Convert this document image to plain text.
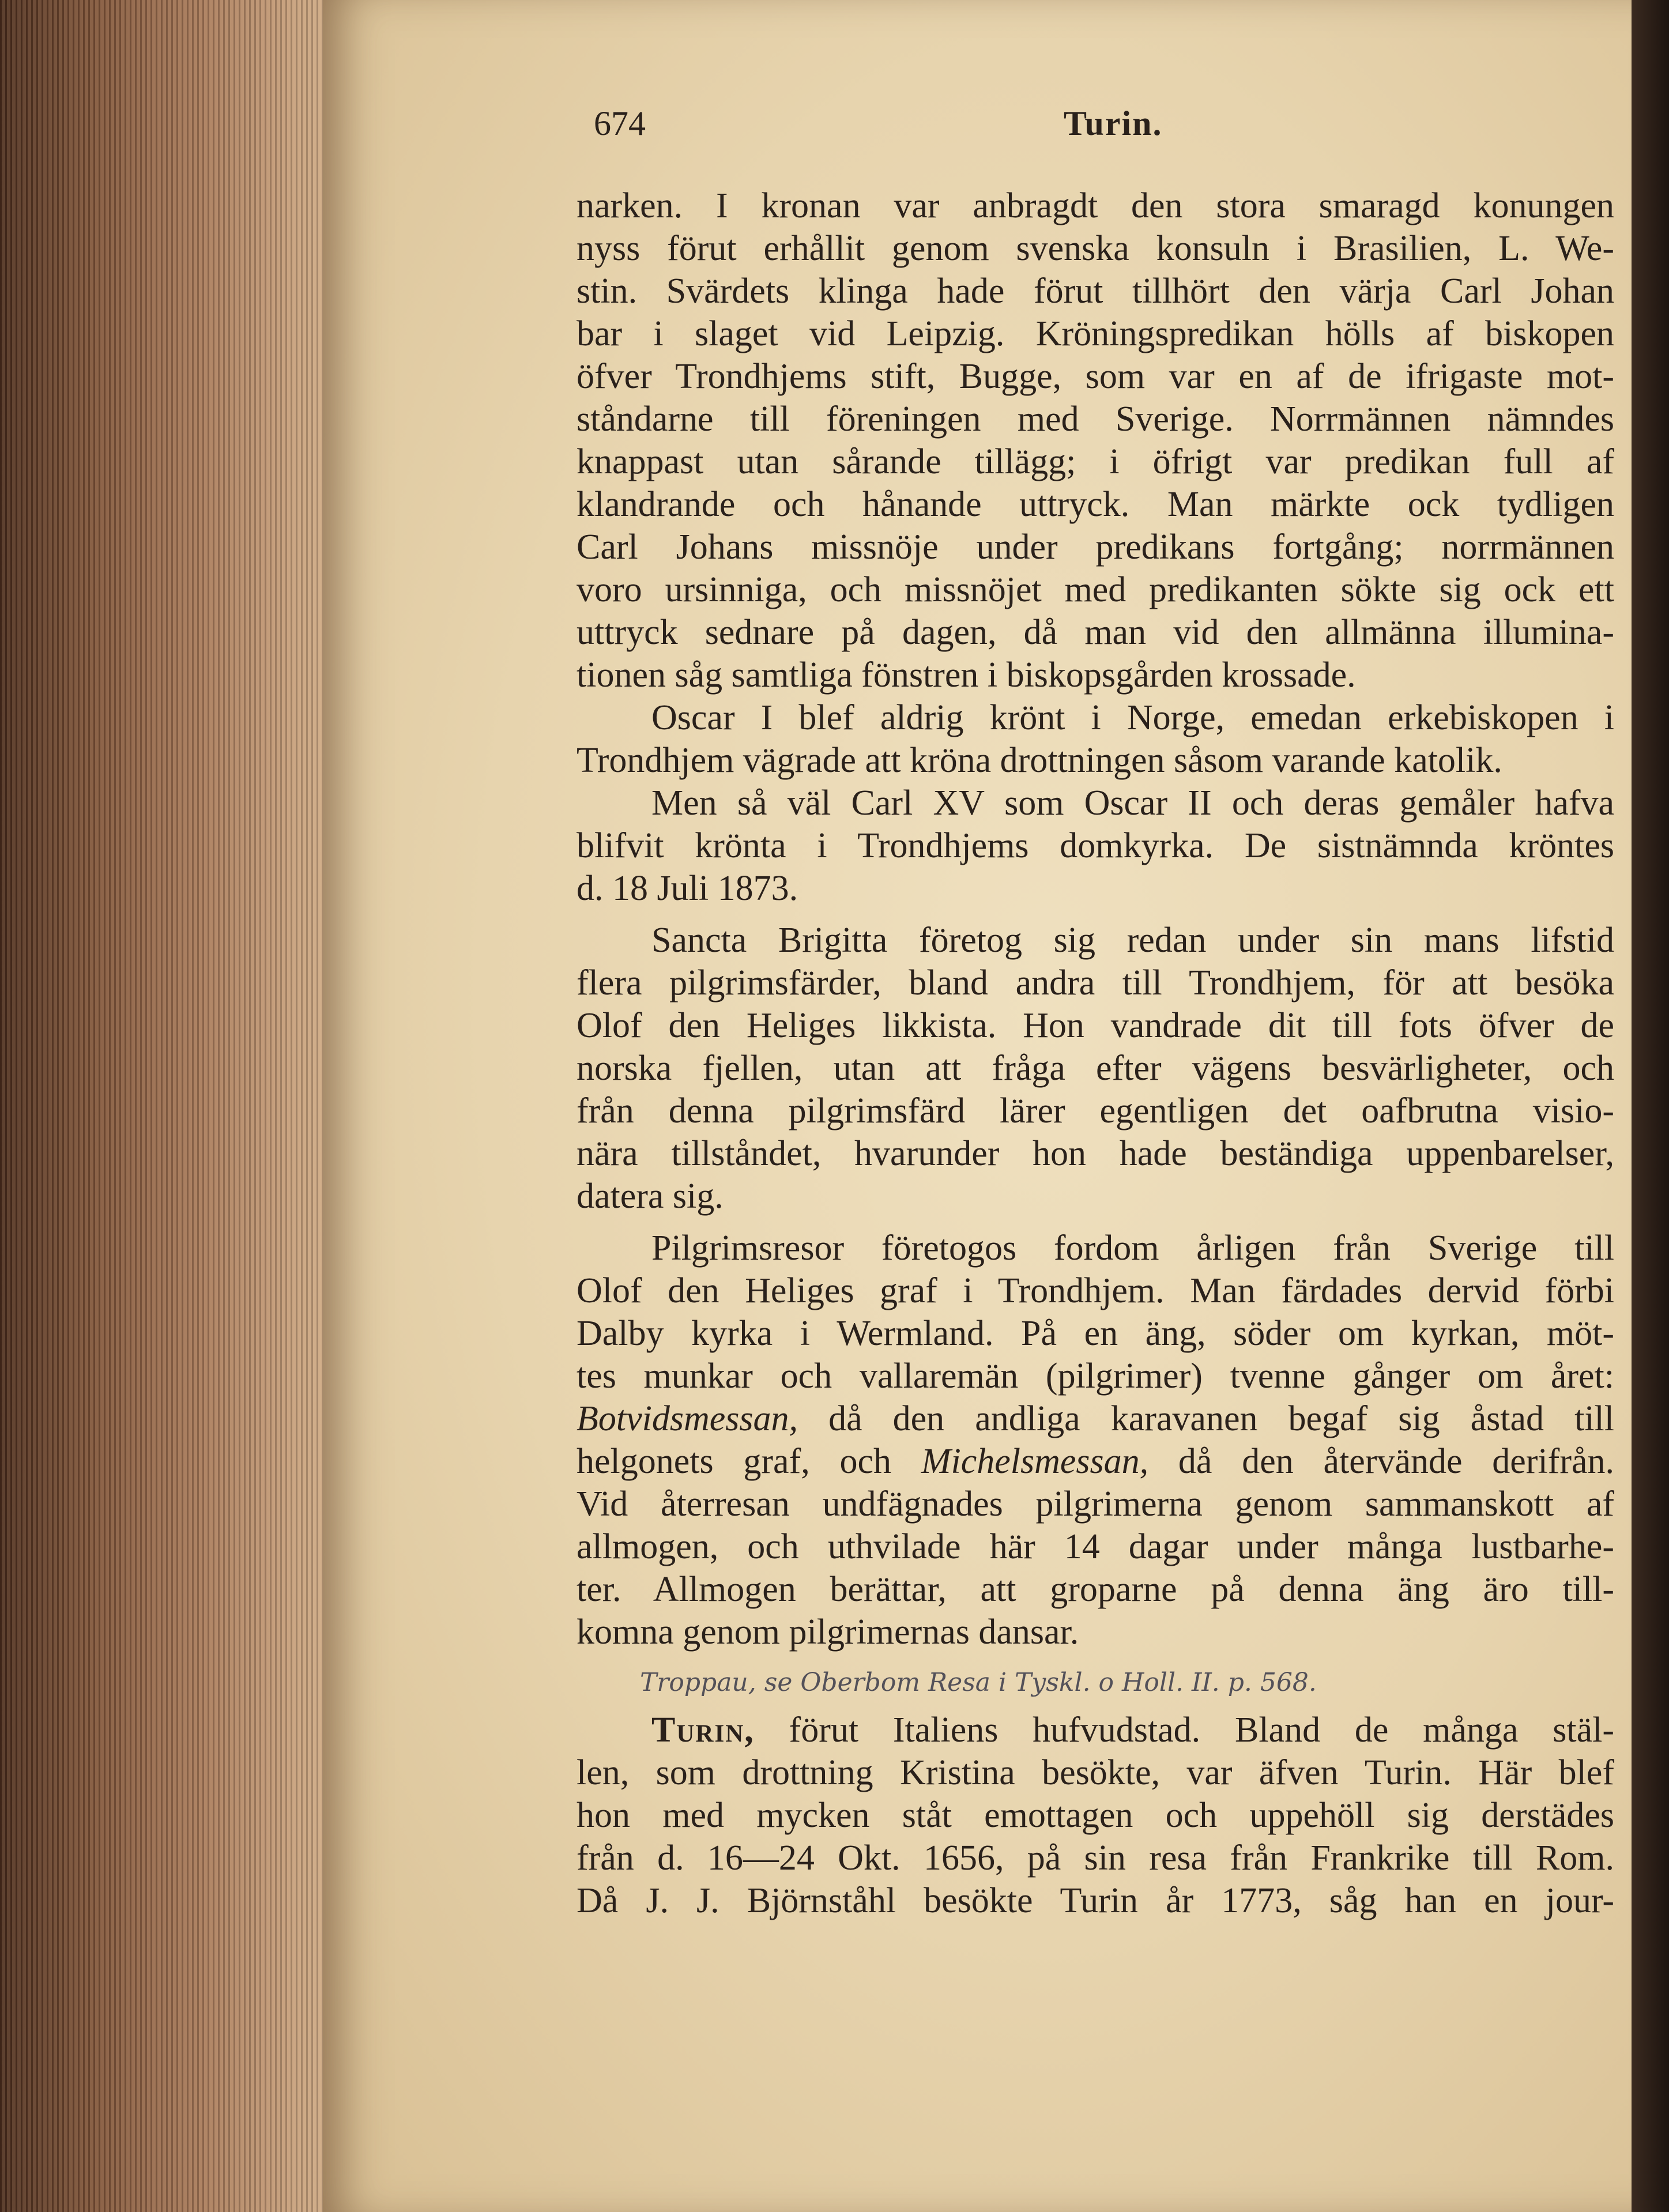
674	Turin.
narken. I kronan var anbragdt den stora smaragd konungen
nyss förut erhållit genom svenska konsuln i Brasilien, L. We-
stin. Svärdets klinga hade förut tillhört den värja Carl Johan
bar i slaget vid Leipzig. Kröningspredikan hölls af biskopen
öfver Trondhjems stift, Bugge, som var en af de ifrigaste mot-
ståndarne till föreningen med Sverige. Norrmännen nämndes
knappast utan sårande tillägg; i öfrigt var predikan full af
klandrande och hånande uttryck. Man märkte ock tydligen
Carl Johans missnöje under predikans fortgång; norrmännen
voro ursinniga, och missnöjet med predikanten sökte sig ock ett
uttryck sednare på dagen, då man vid den allmänna illumina-
tionen såg samtliga fönstren i biskopsgården krossade.
Oscar I blef aldrig krönt i Norge, emedan erkebiskopen i
Trondhjem vägrade att kröna drottningen såsom varande katolik.
Men så väl Carl XV som Oscar II och deras gemåler hafva
blifvit krönta i Trondhjems domkyrka. De sistnämnda kröntes
d. 18 Juli 1873.
Sancta Brigitta företog sig redan under sin mans lifstid
flera pilgrimsfärder, bland andra till Trondhjem, för att besöka
Olof den Heliges likkista. Hon vandrade dit till fots öfver de
norska fjellen, utan att fråga efter vägens besvärligheter, och
från denna pilgrimsfärd lärer egentligen det oafbrutna visio-
nära tillståndet, hvarunder hon hade beständiga uppenbarelser,
datera sig.
Pilgrimsresor företogos fordom årligen från Sverige till
Olof den Heliges graf i Trondhjem. Man färdades dervid förbi
Dalby kyrka i Wermland. På en äng, söder om kyrkan, möt-
tes munkar och vallaremän (pilgrimer) tvenne gånger om året:
Botvidsmessan, då den andliga karavanen begaf sig åstad till
helgonets graf, och Michelsmessan, då den återvände derifrån.
Vid återresan undfägnades pilgrimerna genom sammanskott af
allmogen, och uthvilade här 14 dagar under många lustbarhe-
ter. Allmogen berättar, att groparne på denna äng äro till-
komna genom pilgrimernas dansar.
Troppau, se Oberbom Resa i Tyskl. o Holl. II. p. 568.
Turin, förut Italiens hufvudstad. Bland de många stäl-
len, som drottning Kristina besökte, var äfven Turin. Här blef
hon med mycken ståt emottagen och uppehöll sig derstädes
från d. 16—24 Okt. 1656, på sin resa från Frankrike till Rom.
Då J. J. Björnståhl besökte Turin år 1773, såg han en jour-
